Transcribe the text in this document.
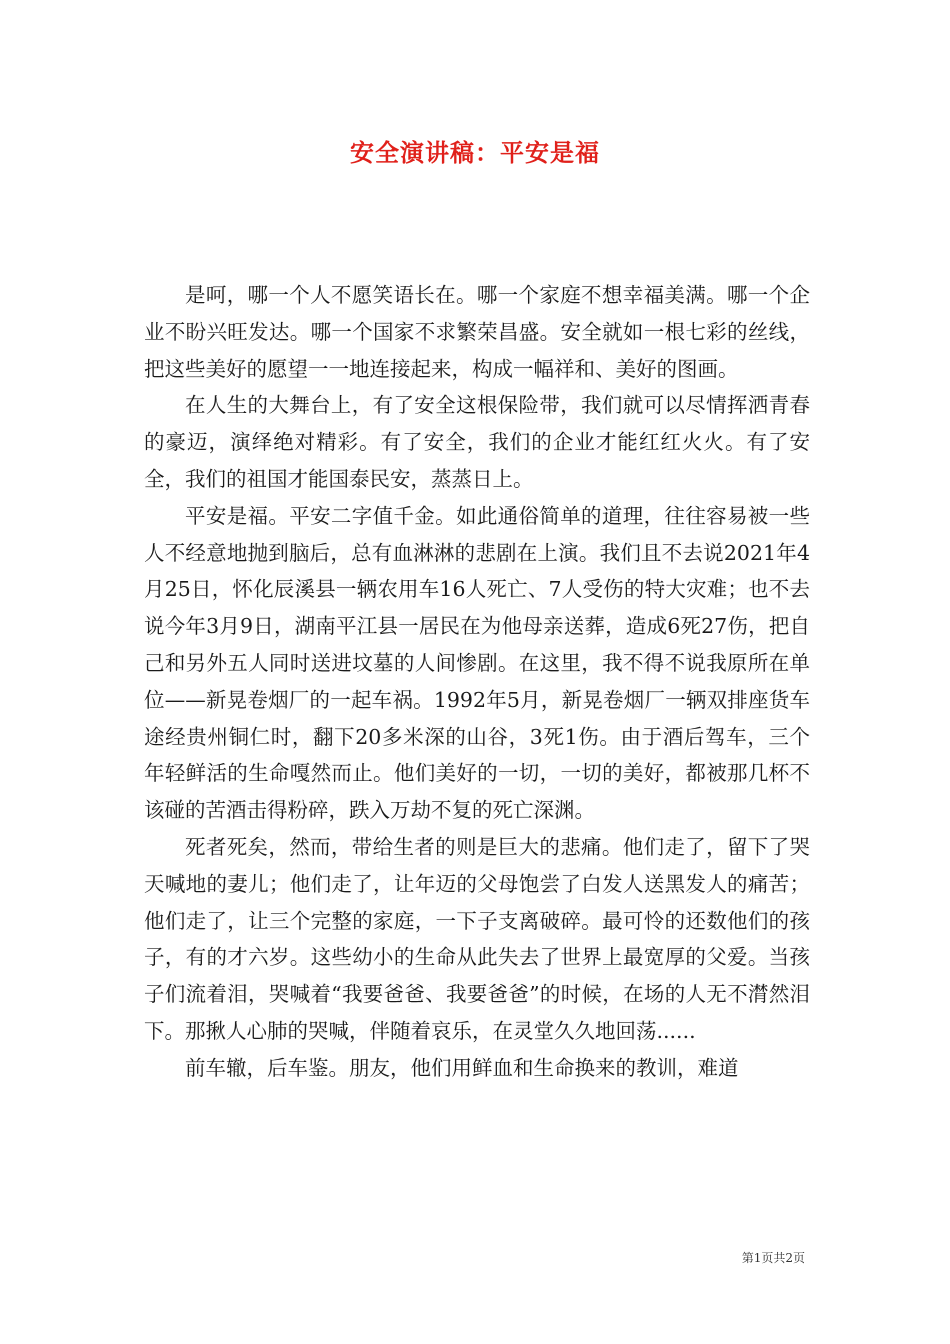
安全演讲稿：平安是福

是呵，哪一个人不愿笑语长在。哪一个家庭不想幸福美满。哪一个企业不盼兴旺发达。哪一个国家不求繁荣昌盛。安全就如一根七彩的丝线，把这些美好的愿望一一地连接起来，构成一幅祥和、美好的图画。

在人生的大舞台上，有了安全这根保险带，我们就可以尽情挥洒青春的豪迈，演绎绝对精彩。有了安全，我们的企业才能红红火火。有了安全，我们的祖国才能国泰民安，蒸蒸日上。

平安是福。平安二字值千金。如此通俗简单的道理，往往容易被一些人不经意地抛到脑后，总有血淋淋的悲剧在上演。我们且不去说2021年4月25日，怀化辰溪县一辆农用车16人死亡、7人受伤的特大灾难；也不去说今年3月9日，湖南平江县一居民在为他母亲送葬，造成6死27伤，把自己和另外五人同时送进坟墓的人间惨剧。在这里，我不得不说我原所在单位——新晃卷烟厂的一起车祸。1992年5月，新晃卷烟厂一辆双排座货车途经贵州铜仁时，翻下20多米深的山谷，3死1伤。由于酒后驾车，三个年轻鲜活的生命嘎然而止。他们美好的一切，一切的美好，都被那几杯不该碰的苦酒击得粉碎，跌入万劫不复的死亡深渊。

死者死矣，然而，带给生者的则是巨大的悲痛。他们走了，留下了哭天喊地的妻儿；他们走了，让年迈的父母饱尝了白发人送黑发人的痛苦；他们走了，让三个完整的家庭，一下子支离破碎。最可怜的还数他们的孩子，有的才六岁。这些幼小的生命从此失去了世界上最宽厚的父爱。当孩子们流着泪，哭喊着“我要爸爸、我要爸爸”的时候，在场的人无不潸然泪下。那揪人心肺的哭喊，伴随着哀乐，在灵堂久久地回荡......

前车辙，后车鉴。朋友，他们用鲜血和生命换来的教训，难道

第1页共2页
